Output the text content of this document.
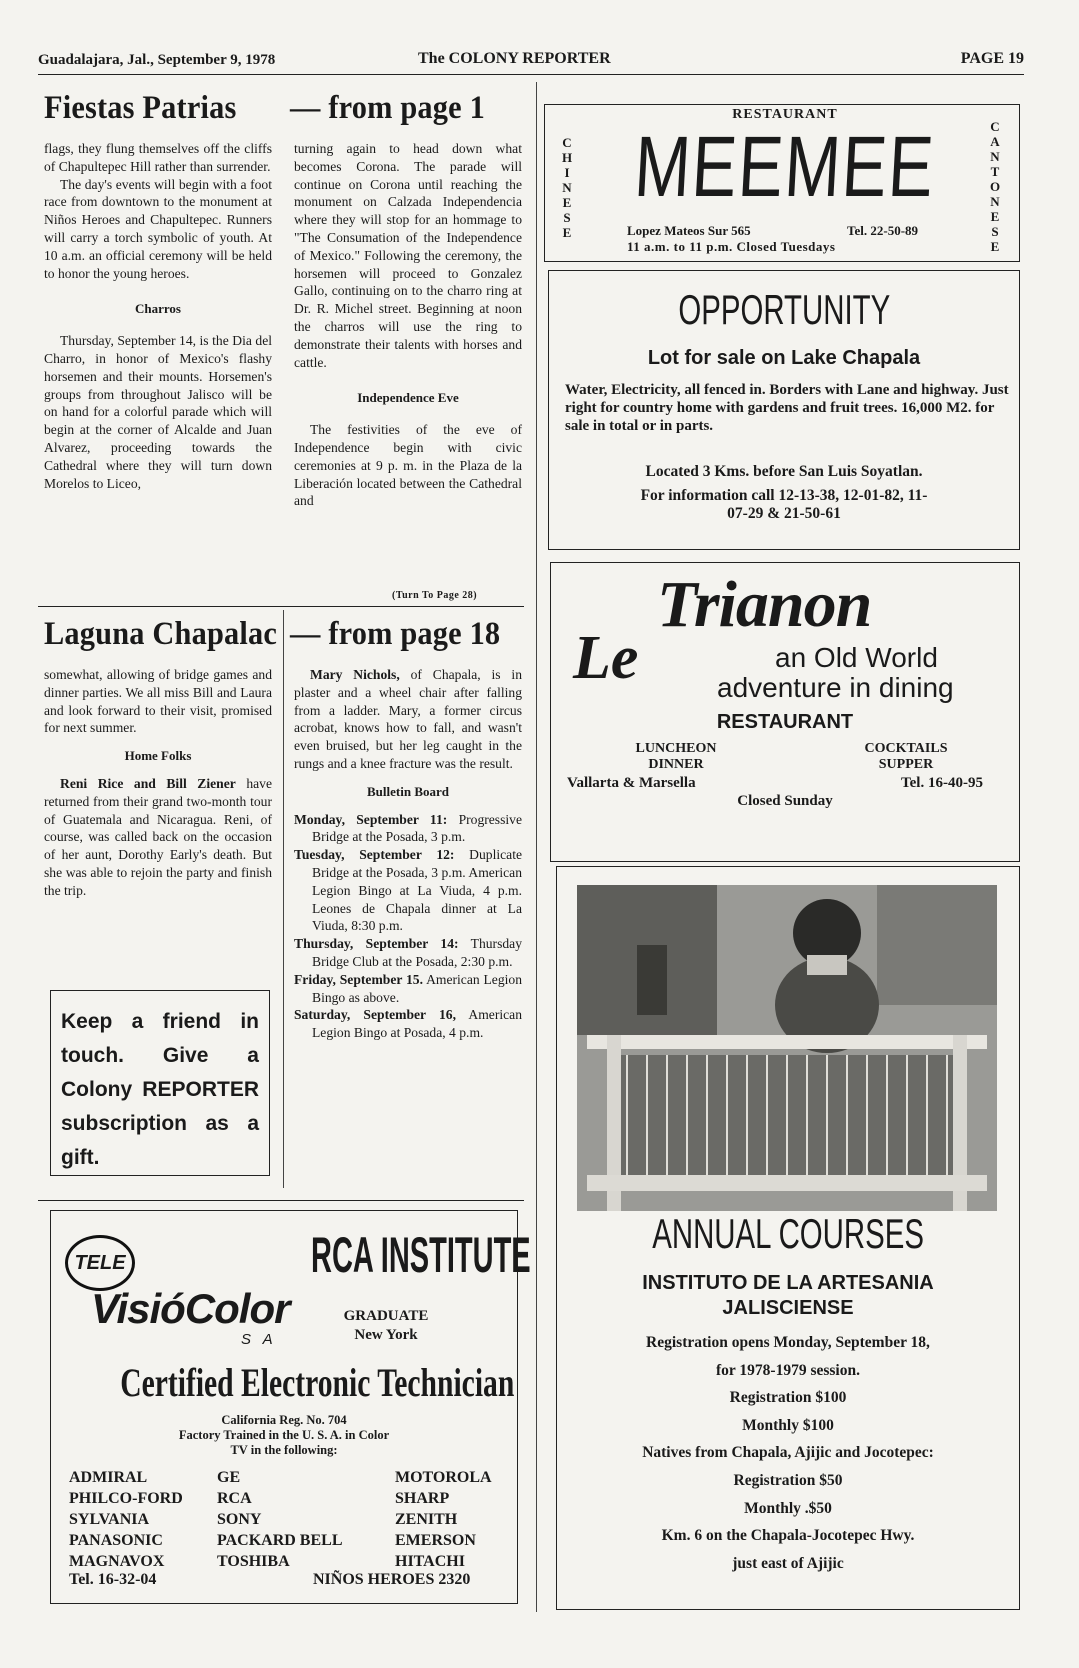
Guadalajara, Jal., September 9, 1978	The COLONY REPORTER	PAGE 19
Fiestas Patrias — from page 1

flags, they flung themselves off the cliffs of Chapultepec Hill rather than surrender.

The day's events will begin with a foot race from downtown to the monument at Niños Heroes and Chapultepec. Runners will carry a torch symbolic of youth. At 10 a.m. an official ceremony will be held to honor the young heroes.

Charros

Thursday, September 14, is the Dia del Charro, in honor of Mexico's flashy horsemen and their mounts. Horsemen's groups from throughout Jalisco will be on hand for a colorful parade which will begin at the corner of Alcalde and Juan Alvarez, proceeding towards the Cathedral where they will turn down Morelos to Liceo,

turning again to head down what becomes Corona. The parade will continue on Corona until reaching the monument on Calzada Independencia where they will stop for an hommage to "The Consumation of the Independence of Mexico." Following the ceremony, the horsemen will proceed to Gonzalez Gallo, continuing on to the charro ring at Dr. R. Michel street. Beginning at noon the charros will use the ring to demonstrate their talents with horses and cattle.

Independence Eve

The festivities of the eve of Independence begin with civic ceremonies at 9 p. m. in the Plaza de la Liberación located between the Cathedral and

(Turn To Page 28)
Laguna Chapalac — from page 18

somewhat, allowing of bridge games and dinner parties. We all miss Bill and Laura and look forward to their visit, promised for next summer.

Home Folks

Reni Rice and Bill Ziener have returned from their grand two-month tour of Guatemala and Nicaragua. Reni, of course, was called back on the occasion of her aunt, Dorothy Early's death. But she was able to rejoin the party and finish the trip.

Mary Nichols, of Chapala, is in plaster and a wheel chair after falling from a ladder. Mary, a former circus acrobat, knows how to fall, and wasn't even bruised, but her leg caught in the rungs and a knee fracture was the result.

Bulletin Board

Monday, September 11: Progressive Bridge at the Posada, 3 p.m.

Tuesday, September 12: Duplicate Bridge at the Posada, 3 p.m. American Legion Bingo at La Viuda, 4 p.m. Leones de Chapala dinner at La Viuda, 8:30 p.m.

Thursday, September 14: Thursday Bridge Club at the Posada, 2:30 p.m.

Friday, September 15. American Legion Bingo as above.

Saturday, September 16, American Legion Bingo at Posada, 4 p.m.

Keep a friend in touch. Give a Colony REPORTER subscription as a gift.
TELE
VisióColor
S A
RCA INSTITUTE
GRADUATE
New York
Certified Electronic Technician
California Reg. No. 704
Factory Trained in the U. S. A. in Color
TV in the following:
ADMIRAL	GE	MOTOROLA
PHILCO-FORD	RCA	SHARP
SYLVANIA	SONY	ZENITH
PANASONIC	PACKARD BELL	EMERSON
MAGNAVOX	TOSHIBA	HITACHI
Tel. 16-32-04	NIÑOS HEROES 2320
C
H
I
N
E
S
E
C
A
N
T
O
N
E
S
E
RESTAURANT
MEEMEE
Lopez Mateos Sur 565	Tel. 22-50-89
11 a.m. to 11 p.m. Closed Tuesdays
OPPORTUNITY
Lot for sale on Lake Chapala
Water, Electricity, all fenced in. Borders with Lane and highway. Just right for country home with gardens and fruit trees. 16,000 M2. for sale in total or in parts.
Located 3 Kms. before San Luis Soyatlan.
For information call 12-13-38, 12-01-82, 11-07-29 & 21-50-61
Le
Trianon
an Old World
adventure in dining
RESTAURANT
LUNCHEON
DINNER
COCKTAILS
SUPPER
Vallarta & Marsella	Tel. 16-40-95
Closed Sunday
ANNUAL COURSES
INSTITUTO DE LA ARTESANIA
JALISCIENSE
Registration opens Monday, September 18,
for 1978-1979 session.
Registration $100
Monthly $100
Natives from Chapala, Ajijic and Jocotepec:
Registration $50
Monthly .$50
Km. 6 on the Chapala-Jocotepec Hwy.
just east of Ajijic
